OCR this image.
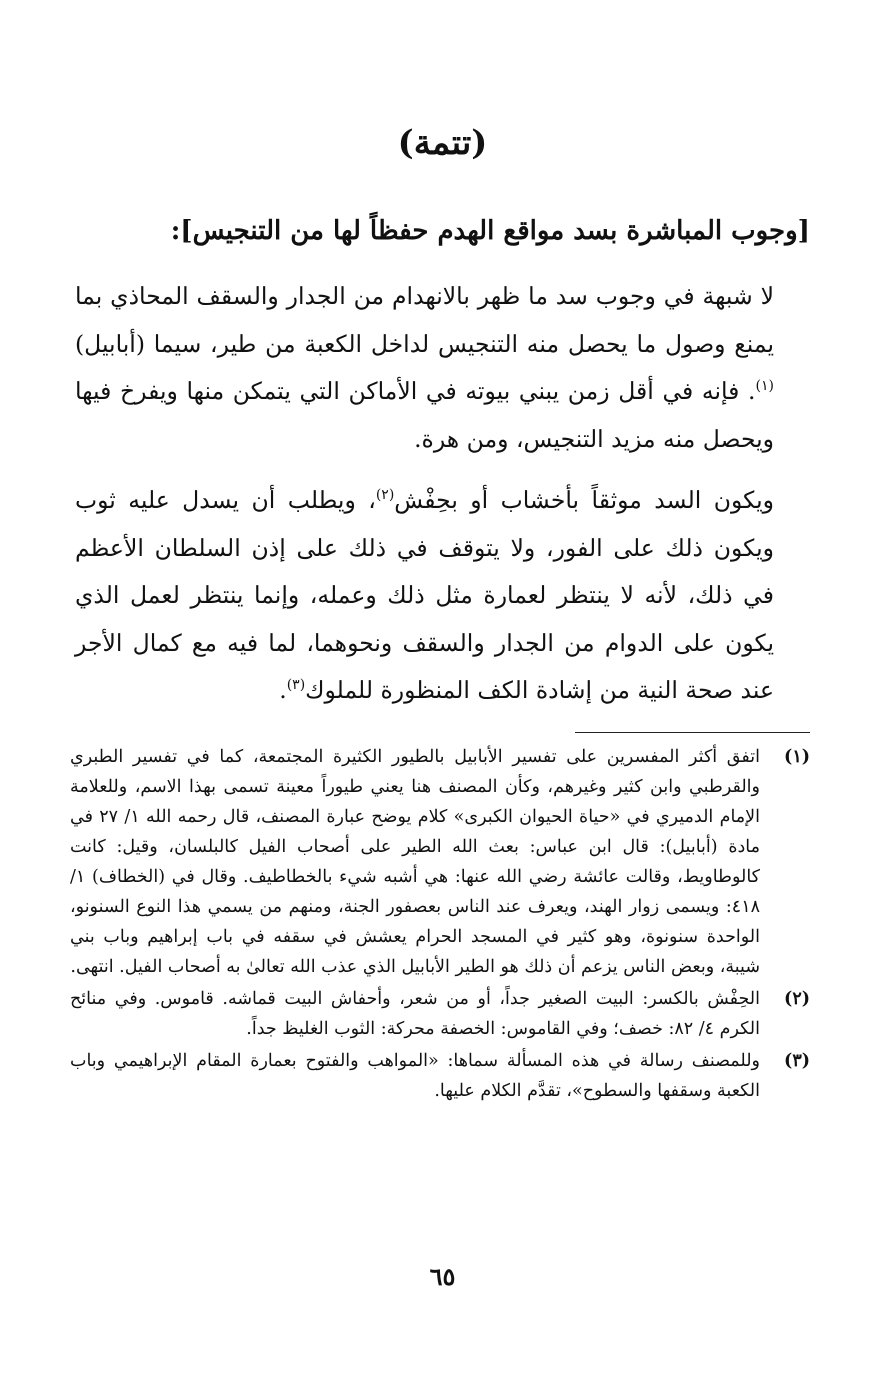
(تتمة)
[وجوب المباشرة بسد مواقع الهدم حفظاً لها من التنجيس]:

لا شبهة في وجوب سد ما ظهر بالانهدام من الجدار والسقف المحاذي بما يمنع وصول ما يحصل منه التنجيس لداخل الكعبة من طير، سيما (أبابيل)$^{(١)}$. فإنه في أقل زمن يبني بيوته في الأماكن التي يتمكن منها ويفرخ فيها ويحصل منه مزيد التنجيس، ومن هرة.

ويكون السد موثقاً بأخشاب أو بحِفْش$^{(٢)}$، ويطلب أن يسدل عليه ثوب ويكون ذلك على الفور، ولا يتوقف في ذلك على إذن السلطان الأعظم في ذلك، لأنه لا ينتظر لعمارة مثل ذلك وعمله، وإنما ينتظر لعمل الذي يكون على الدوام من الجدار والسقف ونحوهما، لما فيه مع كمال الأجر عند صحة النية من إشادة الكف المنظورة للملوك$^{(٣)}$.

(١)
اتفق أكثر المفسرين على تفسير الأبابيل بالطيور الكثيرة المجتمعة، كما في تفسير الطبري والقرطبي وابن كثير وغيرهم، وكأن المصنف هنا يعني طيوراً معينة تسمى بهذا الاسم، وللعلامة الإمام الدميري في «حياة الحيوان الكبرى» كلام يوضح عبارة المصنف، قال رحمه الله ١/ ٢٧ في مادة (أبابيل): قال ابن عباس: بعث الله الطير على أصحاب الفيل كالبلسان، وقيل: كانت كالوطاويط، وقالت عائشة رضي الله عنها: هي أشبه شيء بالخطاطيف. وقال في (الخطاف) ١/ ٤١٨: ويسمى زوار الهند، ويعرف عند الناس بعصفور الجنة، ومنهم من يسمي هذا النوع السنونو، الواحدة سنونوة، وهو كثير في المسجد الحرام يعشش في سقفه في باب إبراهيم وباب بني شيبة، وبعض الناس يزعم أن ذلك هو الطير الأبابيل الذي عذب الله تعالىٰ به أصحاب الفيل. انتهى.
(٢)
الحِفْش بالكسر: البيت الصغير جداً، أو من شعر، وأحفاش البيت قماشه. قاموس. وفي منائح الكرم ٤/ ٨٢: خصف؛ وفي القاموس: الخصفة محركة: الثوب الغليظ جداً.
(٣)
وللمصنف رسالة في هذه المسألة سماها: «المواهب والفتوح بعمارة المقام الإبراهيمي وباب الكعبة وسقفها والسطوح»، تقدَّم الكلام عليها.
٦٥
